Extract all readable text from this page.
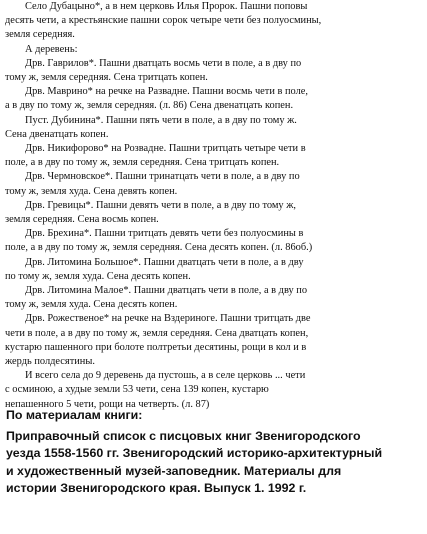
Село Дубацыно*, а в нем церковь Илья Пророк. Пашни поповы
десять чети, а крестьянские пашни сорок четыре чети без полуосмины,
земля середняя.
А деревень:
Дрв. Гаврилов*. Пашни дватцать восмь чети в поле, а в дву по
тому ж, земля середняя. Сена тритцать копен.
Дрв. Маврино* на речке на Развадне. Пашни восмь чети в поле,
а в дву по тому ж, земля середняя. (л. 86) Сена двенатцать копен.
Пуст. Дубинина*. Пашни пять чети в поле, а в дву по тому ж.
Сена двенатцать копен.
Дрв. Никифорово* на Розвадне. Пашни тритцать четыре чети в
поле, а в дву по тому ж, земля середняя. Сена тритцать копен.
Дрв. Чермновское*. Пашни тринатцать чети в поле, а в дву по
тому ж, земля худа. Сена девять копен.
Дрв. Гревицы*. Пашни девять чети в поле, а в дву по тому ж,
земля середняя. Сена восмь копен.
Дрв. Брехина*. Пашни тритцать девять чети без полуосмины в
поле, а в дву по тому ж, земля середняя. Сена десять копен. (л. 86об.)
Дрв. Литомина Большое*. Пашни дватцать чети в поле, а в дву
по тому ж, земля худа. Сена десять копен.
Дрв. Литомина Малое*. Пашни дватцать чети в поле, а в дву по
тому ж, земля худа. Сена десять копен.
Дрв. Рожественое* на речке на Вздериноге. Пашни тритцать две
чети в поле, а в дву по тому ж, земля середняя. Сена дватцать копен,
кустарю пашенного при болоте полтретьи десятины, рощи в кол и в
жердь полдесятины.
И всего села до 9 деревень да пустошь, а в селе церковь ... чети
с осминою, а худые земли 53 чети, сена 139 копен, кустарю
непашенного 5 чети, рощи на четверть. (л. 87)
По материалам книги:
Приправочный список с писцовых книг Звенигородского
уезда 1558-1560 гг. Звенигородский историко-архитектурный
и художественный музей-заповедник. Материалы для
истории Звенигородского края. Выпуск 1. 1992 г.
